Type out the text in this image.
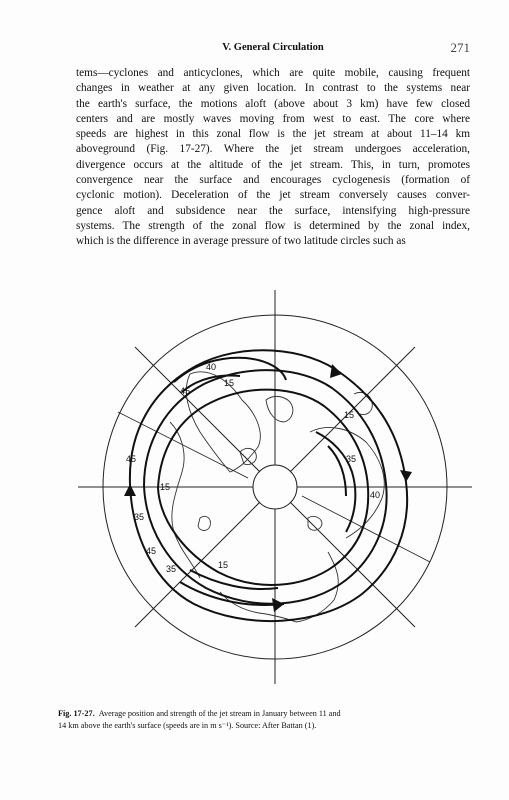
V. General Circulation	271

tems—cyclones and anticyclones, which are quite mobile, causing frequent
changes in weather at any given location. In contrast to the systems near
the earth's surface, the motions aloft (above about 3 km) have few closed
centers and are mostly waves moving from west to east. The core where
speeds are highest in this zonal flow is the jet stream at about 11–14 km
aboveground (Fig. 17-27). Where the jet stream undergoes acceleration,
divergence occurs at the altitude of the jet stream. This, in turn, promotes
convergence near the surface and encourages cyclogenesis (formation of
cyclonic motion). Deceleration of the jet stream conversely causes conver-
gence aloft and subsidence near the surface, intensifying high-pressure
systems. The strength of the zonal flow is determined by the zonal index,
which is the difference in average pressure of two latitude circles such as

40
45
15
45
15
35
35
40
15
35
45
15
Fig. 17-27. Average position and strength of the jet stream in January between 11 and
14 km above the earth's surface (speeds are in m s⁻¹). Source: After Battan (1).
